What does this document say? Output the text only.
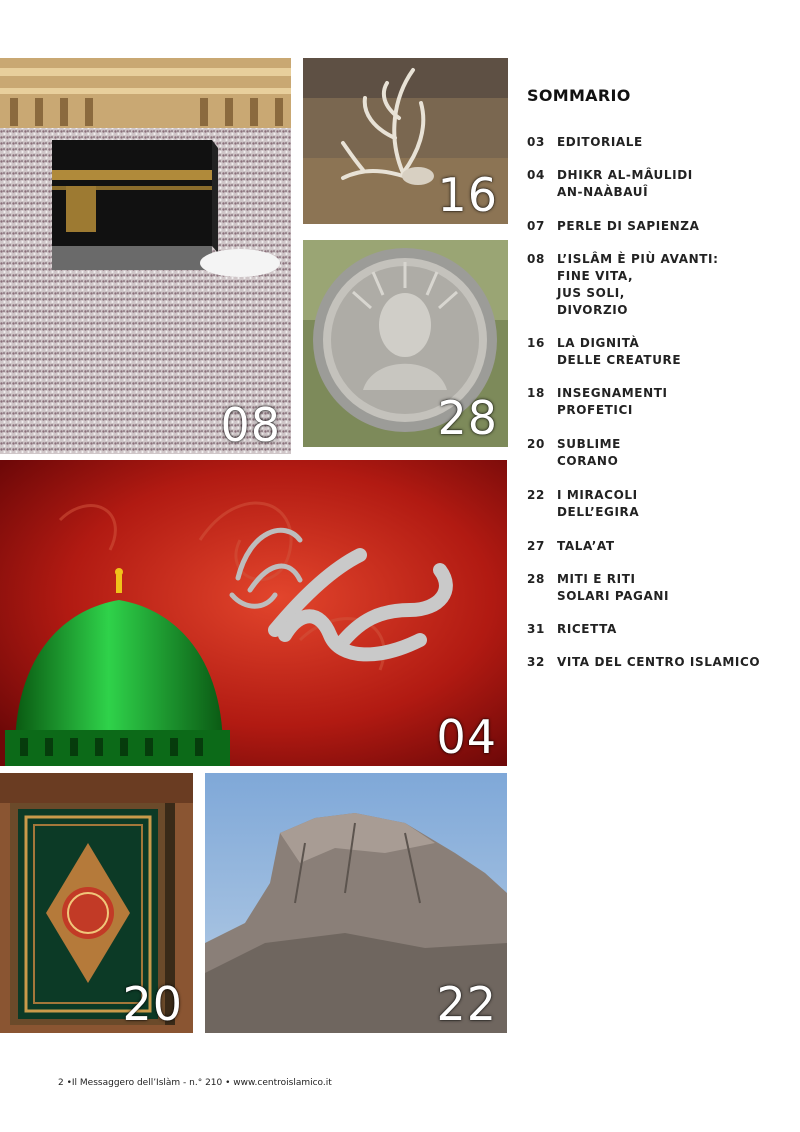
08
16
28
04
20	22
SOMMARIO
03	EDITORIALE
04	DHIKR AL-MÂULIDI
AN-NAÀBAUÎ
07	PERLE DI SAPIENZA
08	L’ISLÂM È PIÙ AVANTI:
FINE VITA,
JUS SOLI,
DIVORZIO
16	LA DIGNITÀ
DELLE CREATURE
18	INSEGNAMENTI
PROFETICI
20	SUBLIME
CORANO
22	I MIRACOLI
DELL’EGIRA
27	TALA’AT
28	MITI E RITI
SOLARI PAGANI
31	RICETTA
32	VITA DEL CENTRO ISLAMICO
2 •Il Messaggero dell’Islàm - n.° 210 • www.centroislamico.it
